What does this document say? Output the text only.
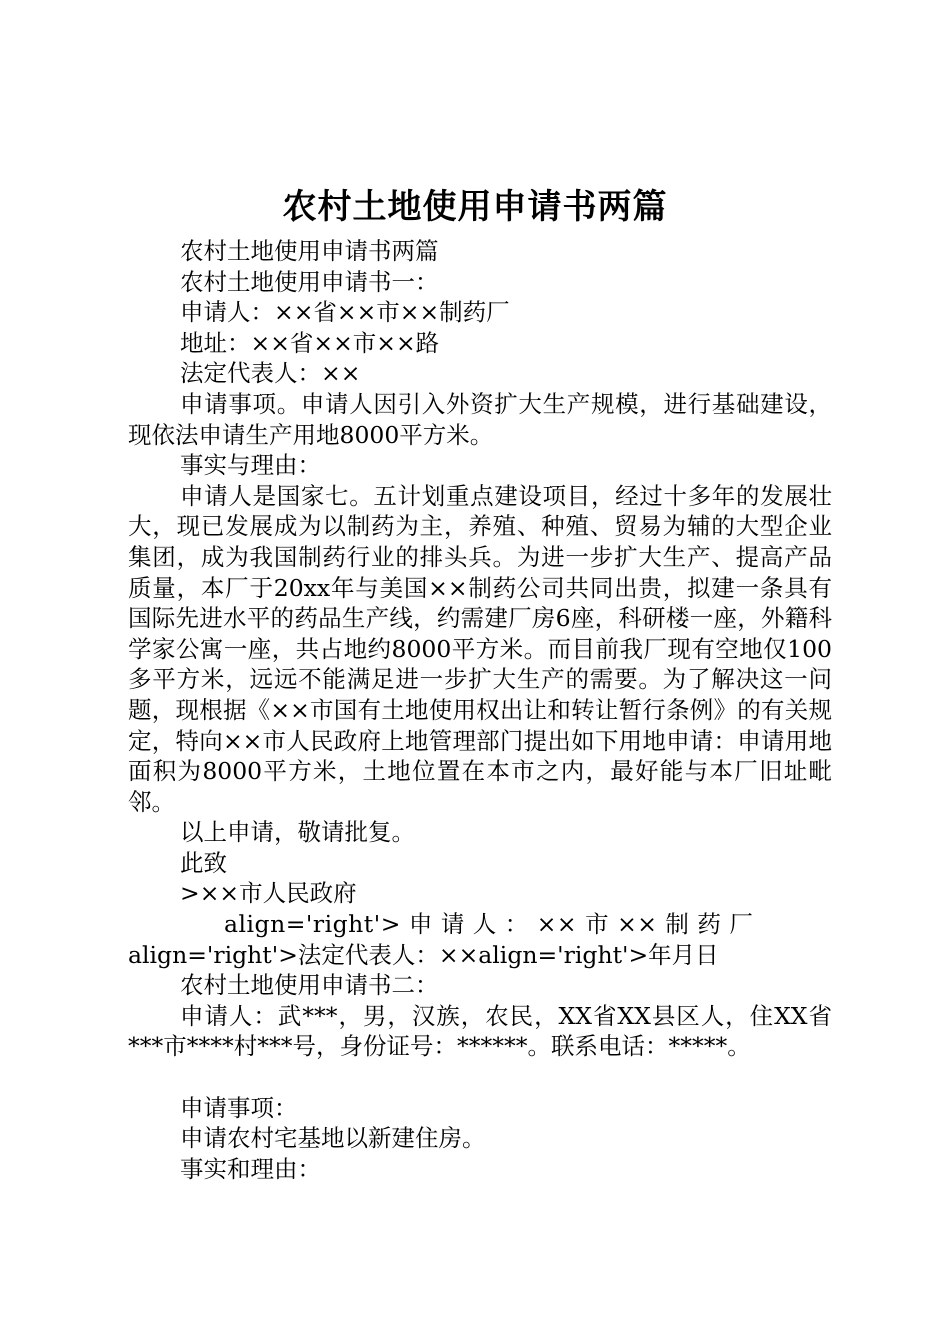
农村土地使用申请书两篇

农村土地使用申请书两篇

农村土地使用申请书一：

申请人：××省××市××制药厂

地址：××省××市××路

法定代表人：××

申请事项。申请人因引入外资扩大生产规模，进行基础建设，现依法申请生产用地8000平方米。

事实与理由：

申请人是国家七。五计划重点建设项目，经过十多年的发展壮大，现已发展成为以制药为主，养殖、种殖、贸易为辅的大型企业集团，成为我国制药行业的排头兵。为进一步扩大生产、提高产品质量，本厂于20xx年与美国××制药公司共同出贵，拟建一条具有国际先进水平的药品生产线，约需建厂房6座，科研楼一座，外籍科学家公寓一座，共占地约8000平方米。而目前我厂现有空地仅100多平方米，远远不能满足进一步扩大生产的需要。为了解决这一问题，现根据《××市国有土地使用权出让和转让暂行条例》的有关规定，特向××市人民政府上地管理部门提出如下用地申请：申请用地面积为8000平方米，土地位置在本市之内，最好能与本厂旧址毗邻。

以上申请，敬请批复。

此致

>××市人民政府

align='right'> 申 请 人 ： ×× 市 ×× 制 药 厂

align='right'>法定代表人：××align='right'>年月日

农村土地使用申请书二：

申请人：武***，男，汉族，农民，XX省XX县区人，住XX省***市****村***号，身份证号：******。联系电话：*****。

申请事项：

申请农村宅基地以新建住房。

事实和理由：
